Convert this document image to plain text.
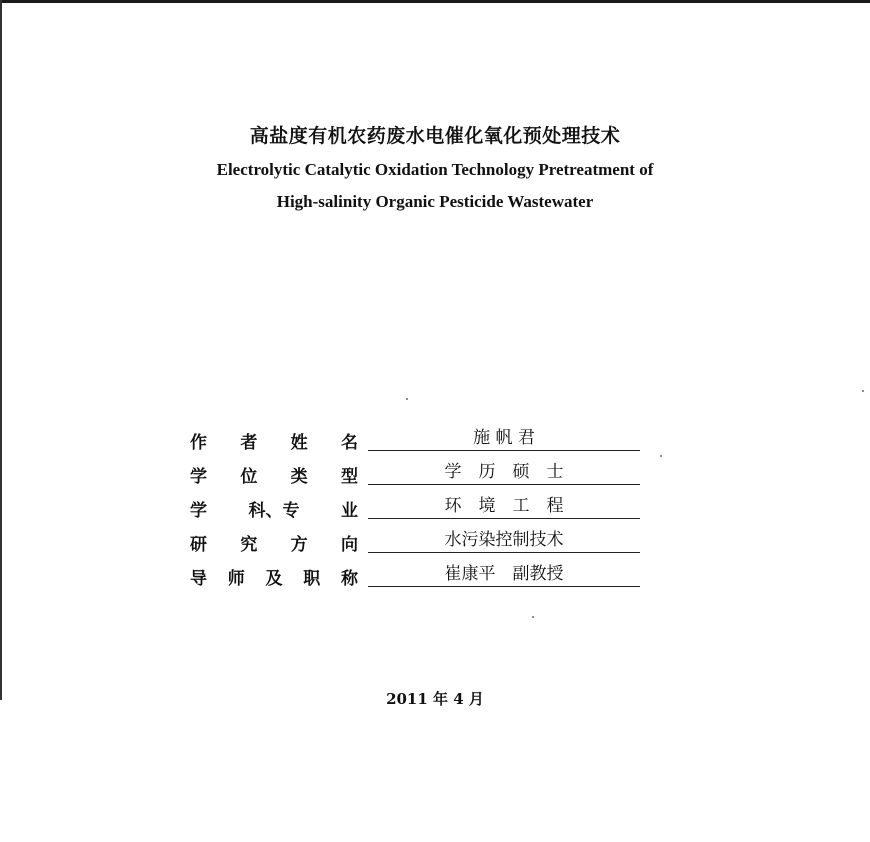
高盐度有机农药废水电催化氧化预处理技术
Electrolytic Catalytic Oxidation Technology Pretreatment of
High-salinity Organic Pesticide Wastewater
作 者 姓 名	施 帆 君
学 位 类 型	学　历　硕　士
学 科、专 业	环　境　工　程
研 究 方 向	水污染控制技术
导 师 及 职 称	崔康平　副教授
2011 年 4 月
